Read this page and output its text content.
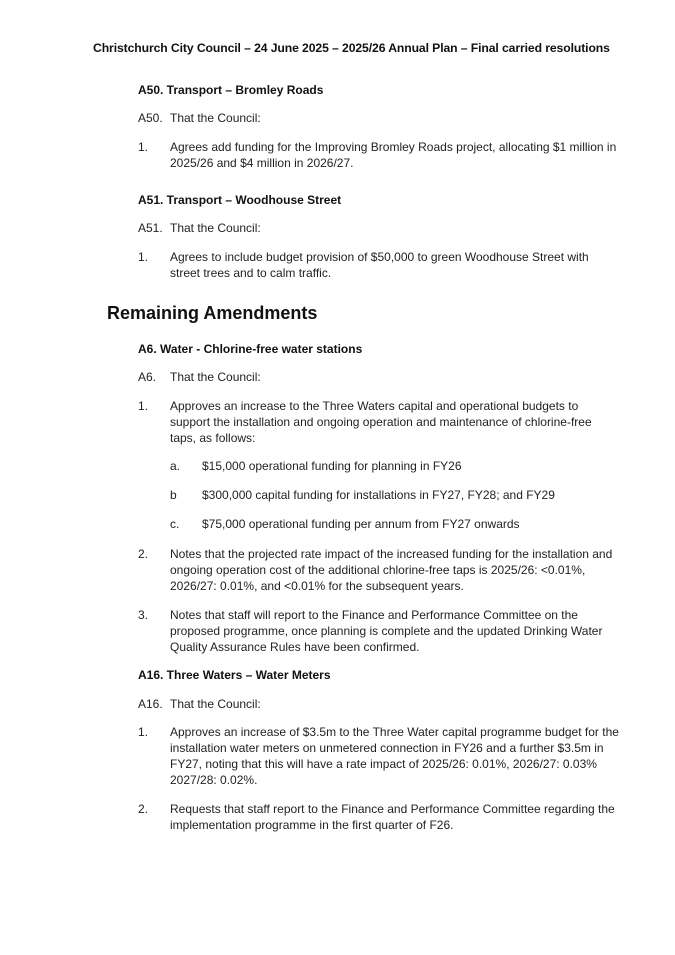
Christchurch City Council – 24 June 2025 – 2025/26 Annual Plan – Final carried resolutions
A50. Transport – Bromley Roads
A50. That the Council:
1. Agrees add funding for the Improving Bromley Roads project, allocating $1 million in 2025/26 and $4 million in 2026/27.
A51. Transport – Woodhouse Street
A51. That the Council:
1. Agrees to include budget provision of $50,000 to green Woodhouse Street with street trees and to calm traffic.
Remaining Amendments
A6. Water - Chlorine-free water stations
A6. That the Council:
1. Approves an increase to the Three Waters capital and operational budgets to support the installation and ongoing operation and maintenance of chlorine-free taps, as follows:
a. $15,000 operational funding for planning in FY26
b $300,000 capital funding for installations in FY27, FY28; and FY29
c. $75,000 operational funding per annum from FY27 onwards
2. Notes that the projected rate impact of the increased funding for the installation and ongoing operation cost of the additional chlorine-free taps is 2025/26: <0.01%, 2026/27: 0.01%, and <0.01% for the subsequent years.
3. Notes that staff will report to the Finance and Performance Committee on the proposed programme, once planning is complete and the updated Drinking Water Quality Assurance Rules have been confirmed.
A16. Three Waters – Water Meters
A16. That the Council:
1. Approves an increase of $3.5m to the Three Water capital programme budget for the installation water meters on unmetered connection in FY26 and a further $3.5m in FY27, noting that this will have a rate impact of 2025/26: 0.01%, 2026/27: 0.03% 2027/28: 0.02%.
2. Requests that staff report to the Finance and Performance Committee regarding the implementation programme in the first quarter of F26.
